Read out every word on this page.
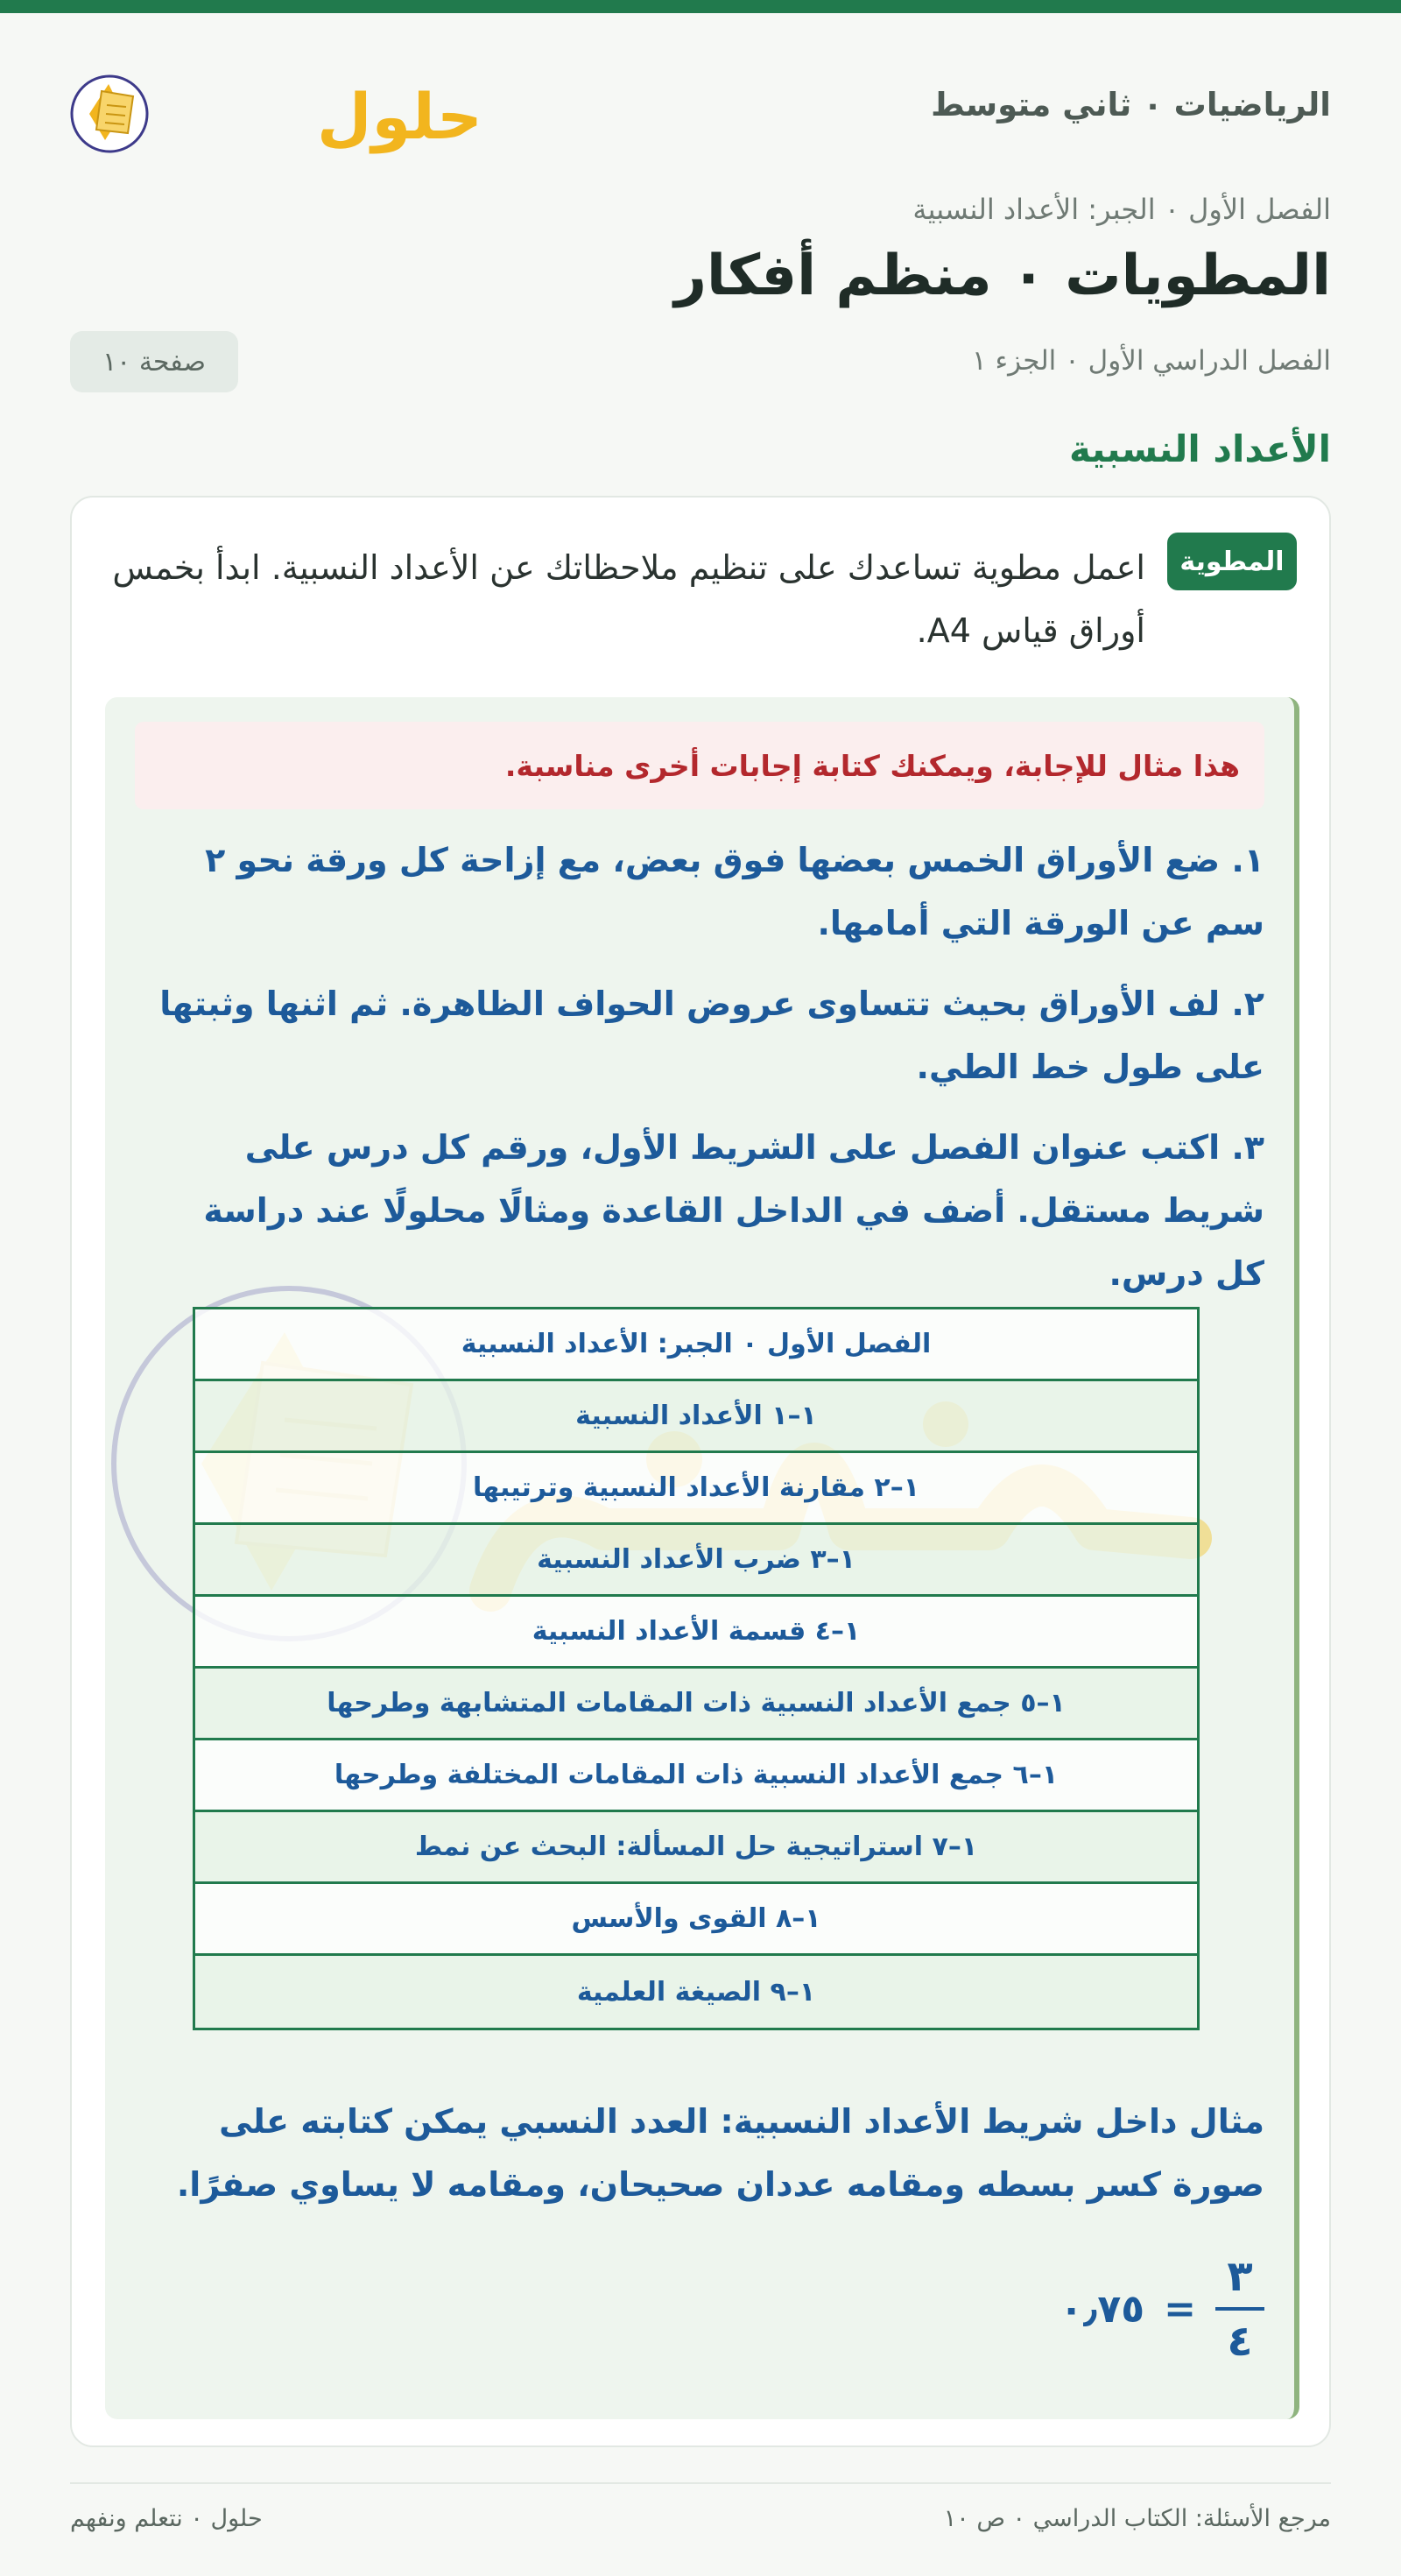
الرياضيات ٠ ثاني متوسط
حلول
الفصل الأول ٠ الجبر: الأعداد النسبية
المطويات ٠ منظم أفكار
الفصل الدراسي الأول ٠ الجزء ١
صفحة ١٠
الأعداد النسبية
المطوية

اعمل مطوية تساعدك على تنظيم ملاحظاتك عن الأعداد النسبية. ابدأ بخمس أوراق قياس A4.

هذا مثال للإجابة، ويمكنك كتابة إجابات أخرى مناسبة.

١. ضع الأوراق الخمس بعضها فوق بعض، مع إزاحة كل ورقة نحو ٢ سم عن الورقة التي أمامها.

٢. لف الأوراق بحيث تتساوى عروض الحواف الظاهرة. ثم اثنها وثبتها على طول خط الطي.

٣. اكتب عنوان الفصل على الشريط الأول، ورقم كل درس على شريط مستقل. أضف في الداخل القاعدة ومثالًا محلولًا عند دراسة كل درس.

الفصل الأول ٠ الجبر: الأعداد النسبية
١–١ الأعداد النسبية
١–٢ مقارنة الأعداد النسبية وترتيبها
١–٣ ضرب الأعداد النسبية
١–٤ قسمة الأعداد النسبية
١–٥ جمع الأعداد النسبية ذات المقامات المتشابهة وطرحها
١–٦ جمع الأعداد النسبية ذات المقامات المختلفة وطرحها
١–٧ استراتيجية حل المسألة: البحث عن نمط
١–٨ القوى والأسس
١–٩ الصيغة العلمية

مثال داخل شريط الأعداد النسبية: العدد النسبي يمكن كتابته على صورة كسر بسطه ومقامه عددان صحيحان، ومقامه لا يساوي صفرًا.

$\frac{٣}{٤}$
=
٠٫٧٥
مرجع الأسئلة: الكتاب الدراسي ٠ ص ١٠
حلول ٠ نتعلم ونفهم
